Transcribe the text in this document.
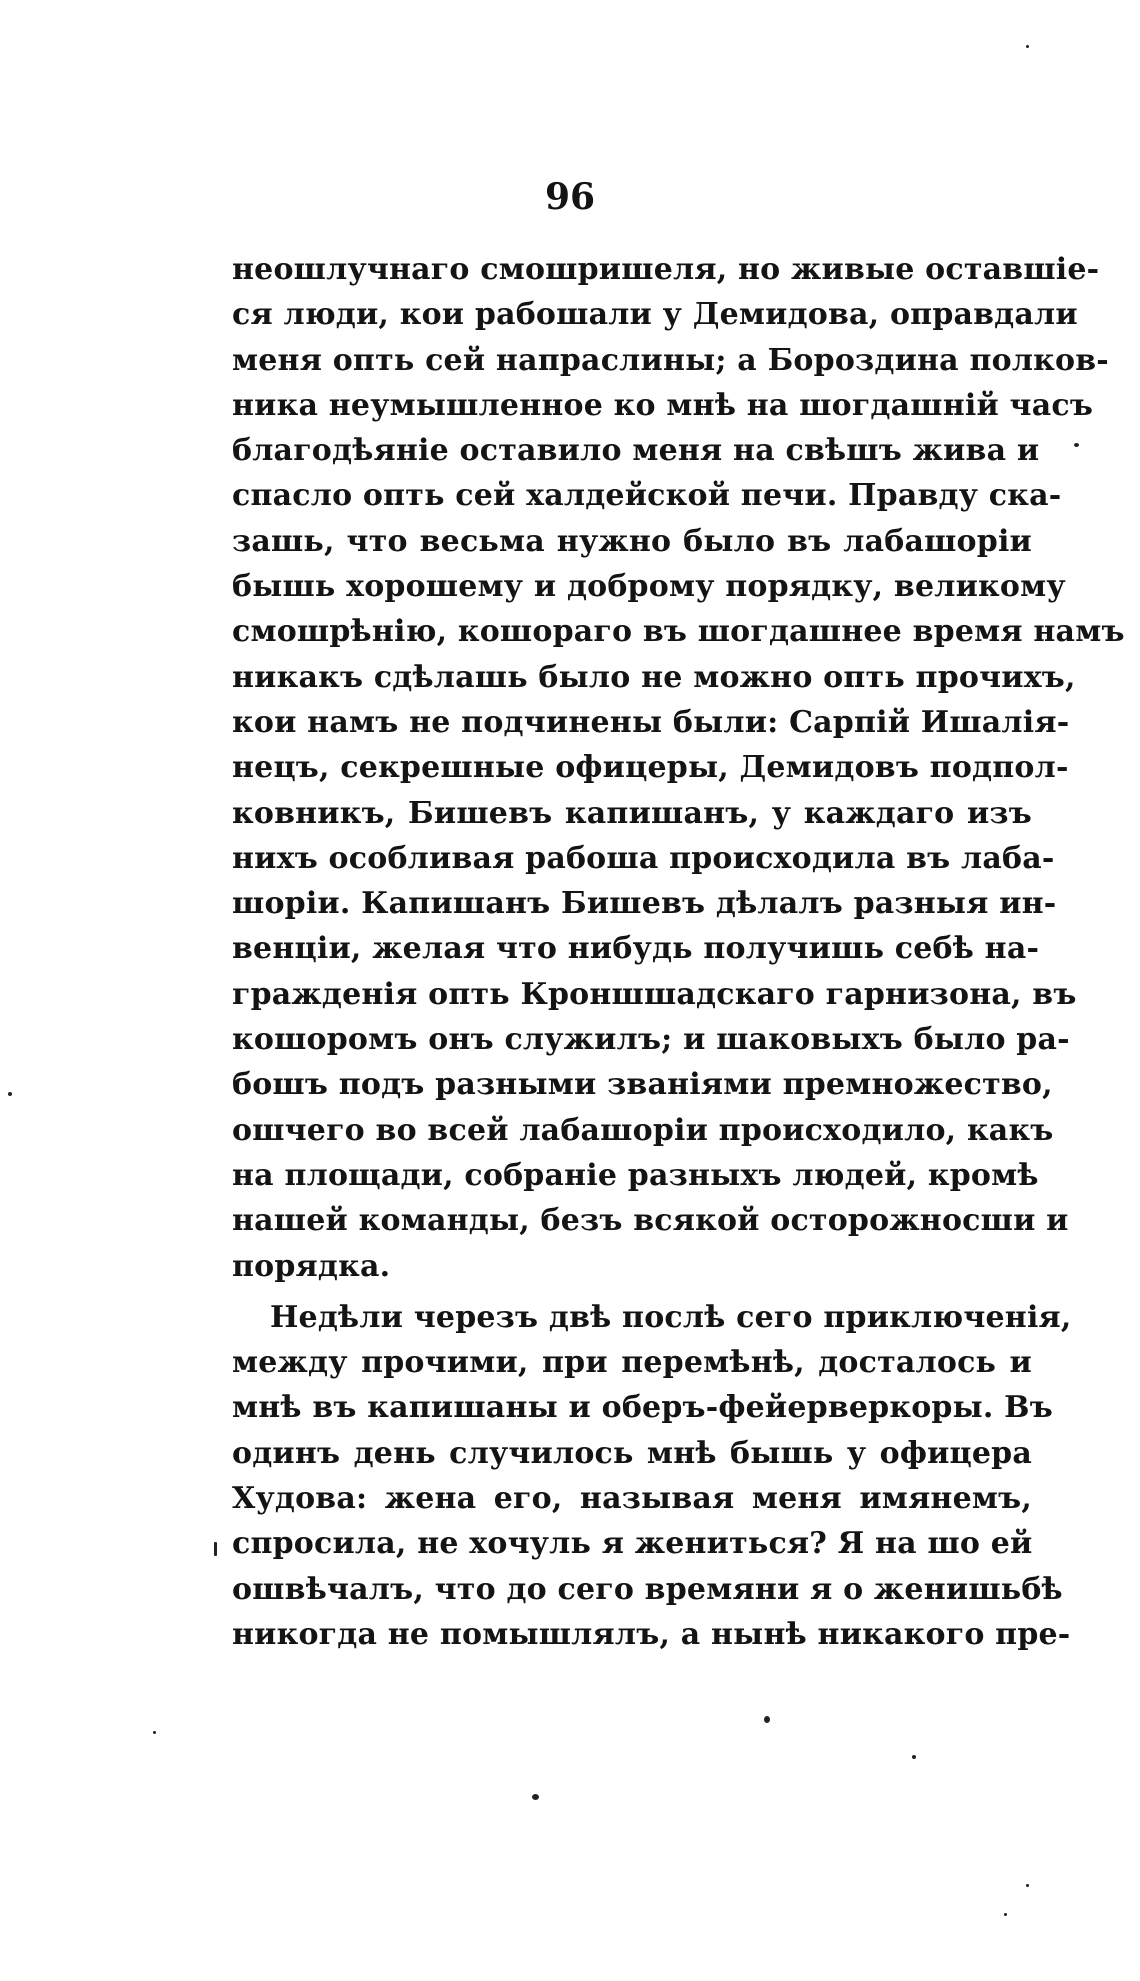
96
неошлучнаго смошришеля, но живые оставшіе-
ся люди, кои рабошали у Демидова, оправдали
меня опть сей напраслины; а Бороздина полков-
ника неумышленное ко мнѣ на шогдашній часъ
благодѣяніе оставило меня на свѣшъ жива и
спасло опть сей халдейской печи. Правду ска-
зашь, что весьма нужно было въ лабашоріи
бышь хорошему и доброму порядку, великому
смошрѣнію, кошораго въ шогдашнее время намъ
никакъ сдѣлашь было не можно опть прочихъ,
кои намъ не подчинены были: Сарпій Ишалія-
нецъ, секрешные офицеры, Демидовъ подпол-
ковникъ, Бишевъ капишанъ, у каждаго изъ
нихъ особливая рабоша происходила въ лаба-
шоріи. Капишанъ Бишевъ дѣлалъ разныя ин-
венціи, желая что нибудь получишь себѣ на-
гражденія опть Кроншшадскаго гарнизона, въ
кошоромъ онъ служилъ; и шаковыхъ было ра-
бошъ подъ разными званіями премножество,
ошчего во всей лабашоріи происходило, какъ
на площади, собраніе разныхъ людей, кромѣ
нашей команды, безъ всякой осторожносши и
порядка.
Недѣли черезъ двѣ послѣ сего приключенія,
между прочими, при перемѣнѣ, досталось и
мнѣ въ капишаны и оберъ-фейерверкоры. Въ
одинъ день случилось мнѣ бышь у офицера
Худова: жена его, называя меня имянемъ,
спросила, не хочуль я жениться? Я на шо ей
ошвѣчалъ, что до сего времяни я о женишьбѣ
никогда не помышлялъ, а нынѣ никакого пре-
